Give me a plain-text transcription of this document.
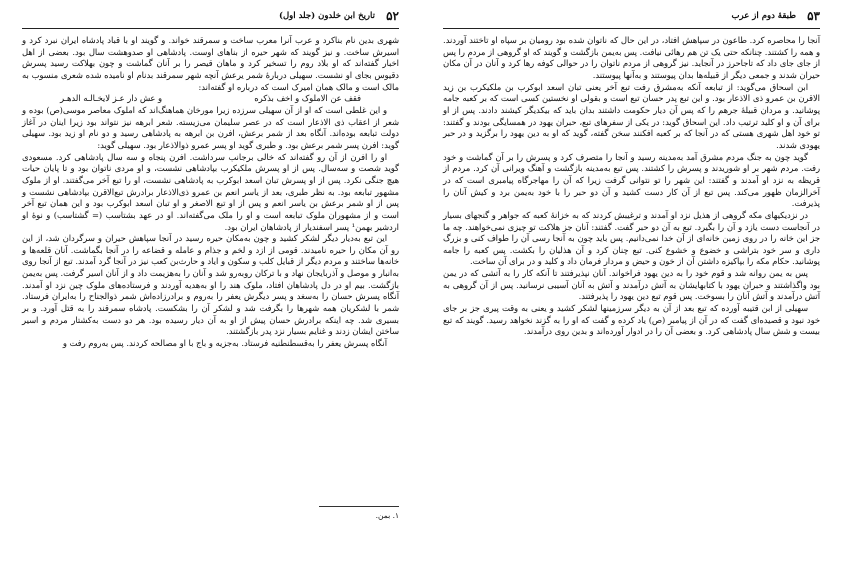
۵۲
تاریخ ابن خلدون (جلد اول)

شهری بدین نام بناکرد و عرب آنرا معرب ساخت و سمرقند خواند. و گویند او با قباد پادشاه ایران نبرد کرد و اسیرش ساخت. و نیز گویند که شهر حیره از بناهای اوست. پادشاهی او صدوهشت سال بود. بعضی از اهل اخبار گفته‌اند که او بلاد روم را تسخیر کرد و ماهان قیصر را بر آنان گماشت و چون بهلاکت رسید پسرش دقیوس بجای او نشست. سهیلی دربارهٔ شمر یرعش آنچه شهر سمرقند بدنام او نامیده شده شعری منسوب به مالک است و مالک همان امیرک است که درباره او گفته‌اند:

فقف عن الاملوک و اخف بذکره
و عش دار عـز لایخـالـه الدهـر

و این غلطی است که او از آن سهیلی سرزده زیرا مورخان هماهنگ‌اند که املوک معاصر موسی(ص) بوده و شعر از اعقاب ذی الاذعار است که در عصر سلیمان می‌زیسته. شعر ابرهه نیز نتواند بود زیرا اینان در آغاز دولت تبابعه بوده‌اند. آنگاه بعد از شمر برعش، افرن بن ابرهه به پادشاهی رسید و دو نام او زید بود. سهیلی گوید: افرن پسر شمر برعش بود. و طبری گوید او پسر عمرو ذوالاذعار بود. سهیلی گوید:

او را افرن از آن رو گفته‌اند که خالی برجانب سرداشت. افرن پنجاه و سه سال پادشاهی کرد. مسعودی گوید شصت و سه‌سال. پس از او پسرش ملکیکرب بپادشاهی نشست، و او مردی ناتوان بود و تا پایان حیات هیچ جنگی نکرد. پس از او پسرش تبان اسعد ابوکرب به پادشاهی نشست، او را تبع آخر می‌گفتند. او از ملوک مشهور تبابعه بود. به نظر طبری، بعد از یاسر انعم بن عمرو ذی‌الاذعار برادرش تبع‌الاقرن بپادشاهی نشست و پس از او شمر برعش بن یاسر انعم و پس از او تبع الاصغر و او تبان اسعد ابوکرب بود و این همان تبع آخر است و از مشهوران ملوک تبابعه است و او را ملک می‌گفته‌اند. او در عهد بشتاسب (= گشتاسب) و نوهٔ او اردشیر بهمن¹ پسر اسفندیار از پادشاهان ایران بود.

این تبع به‌دیار دیگر لشکر کشید و چون به‌مکان حیره رسید در آنجا سپاهش حیران و سرگردان شد، از این رو آن مکان را حیره نامیدند. قومی از ازد و لخم و جذام و عامله و قضاعه را در آنجا بگماشت. آنان قلعه‌ها و خانه‌ها ساختند و مردم دیگر از قبایل کلب و سکون و ایاد و حارث‌بن کعب نیز در آنجا گرد آمدند. تبع از آنجا روی به‌انبار و موصل و آذربایجان نهاد و با ترکان روبه‌رو شد و آنان را به‌هزیمت داد و از آنان اسیر گرفت. پس به‌یمن بازگشت. بیم او در دل پادشاهان افتاد، ملوک هند را او به‌هدیه آوردند و فرستاده‌های ملوک چین نزد او آمدند. آنگاه پسرش حسان را به‌سغد و پسر دیگرش یعفر را به‌روم و برادرزاده‌اش شمر ذوالجناح را به‌ایران فرستاد. شمر با لشکریان همه شهرها را بگرفت شد و لشکر آن را بشکست. پادشاه سمرقند را به قتل آورد. و بر بسیری شد. چه اینکه برادرش حسان پیش از او به آن دیار رسیده بود. هر دو دست به‌کشتار مردم و اسیر ساختن ایشان زدند و غنایم بسیار نزد پدر بازگشتند.

آنگاه پسرش یعفر را به‌قسطنطنیه فرستاد. به‌جزیه و باج با او مصالحه کردند. پس به‌روم رفت و

۱. بمن.
۵۳
طبقهٔ دوم از عرب

آنجا را محاصره کرد. طاعون در سپاهش افتاد، در این حال که ناتوان شده بود رومیان بر سپاه او تاختند آوردند. و همه را کشتند. چنانکه حتی یک تن هم رهائی نیافت. پس به‌یمن بازگشت و گویند که او گروهی از مردم را پس از جای جای داد که تاجاحرز در آنجاید. نیز گروهی از مردم ناتوان را در حوالی کوفه رها کرد و آنان در آن مکان حیران شدند و جمعی دیگر از قبیله‌ها بدان پیوستند و به‌آنها پیوستند.

ابن اسحاق می‌گوید: از تبابعه آنکه به‌مشرق رفت تبع آخر یعنی تبان اسعد ابوکرب بن ملکیکرب بن زید الاقرن بن عمرو ذی الاذعار بود. و این تبع پدر حسان تبع است و بقولی او نخستین کسی است که بر کعبه جامه پوشانید. و مردان قبیلهٔ جرهم را که پس آن دیار حکومت داشتند بدان باید که بیکدیگر کیشند دادند. پس از او برای آن و او کلید ترتیب داد. این اسحاق گوید: در یکی از سفرهای تبع، حبران یهود در همسایگی بودند و گفتند: تو خود اهل شهری هستی که در آنجا که بر کعبه افکنند سخن گفته، گوید که او به دین یهود را برگزید و در حبر یهودی شدند.

گوید چون به جنگ مردم مشرق آمد به‌مدینه رسید و آنجا را متصرف کرد و پسرش را بر آن گماشت و خود رفت. مردم شهر بر او شوریدند و پسرش را کشتند. پس تبع به‌مدینه بازگشت و آهنگ ویرانی آن کرد. مردم از قریظه به نزد او آمدند و گفتند: این شهر را تو نتوانی گرفت زیرا که آن را مهاجرگاه پیامبری است که در آخرالزمان ظهور می‌کند. پس تبع از آن کار دست کشید و آن دو حبر را با خود به‌یمن برد و کیش آنان را پذیرفت.

در نزدیکیهای مکه گروهی از هذیل نزد او آمدند و ترغیبش کردند که به خزانهٔ کعبه که جواهر و گنجهای بسیار در آنجاست دست یازد و آن را بگیرد. تبع به آن دو حبر گفت. گفتند: آنان جز هلاکت تو چیزی نمی‌خواهند. چه ما جز این خانه را در روی زمین خانه‌ای از آن خدا نمی‌دانیم. پس باید چون به آنجا رسی آن را طواف کنی و بزرگ داری و سر خود بتراشی و خضوع و خشوع کنی. تبع چنان کرد و آن هذلیان را بکشت. پس کعبه را جامه پوشانید. حکام مکه را بپاکیزه داشتن آن از خون و حیض و مردار فرمان داد و کلید و در برای آن ساخت.

پس به یمن روانه شد و قوم خود را به دین یهود فراخواند. آنان نپذیرفتند تا آنکه کار را به آتشی که در یمن بود واگذاشتند و حبران یهود با کتابهایشان به آتش درآمدند و آتش به آنان آسیبی نرسانید. پس از آن گروهی به آتش درآمدند و آتش آنان را بسوخت. پس قوم تبع دین یهود را پذیرفتند.

سهیلی از ابن قتیبه آورده که تبع بعد از آن به دیگر سرزمینها لشکر کشید و یعنی به وقت پیری جز بر جای خود نبود و قصیده‌ای گفت که در آن از پیامبر (ص) یاد کرده و گفت که او را به گزند نخواهد رسید. گویند که تبع بیست و شش سال پادشاهی کرد. و بعضی آن را در ادوار آورده‌اند و بدین روی درآمدند.
